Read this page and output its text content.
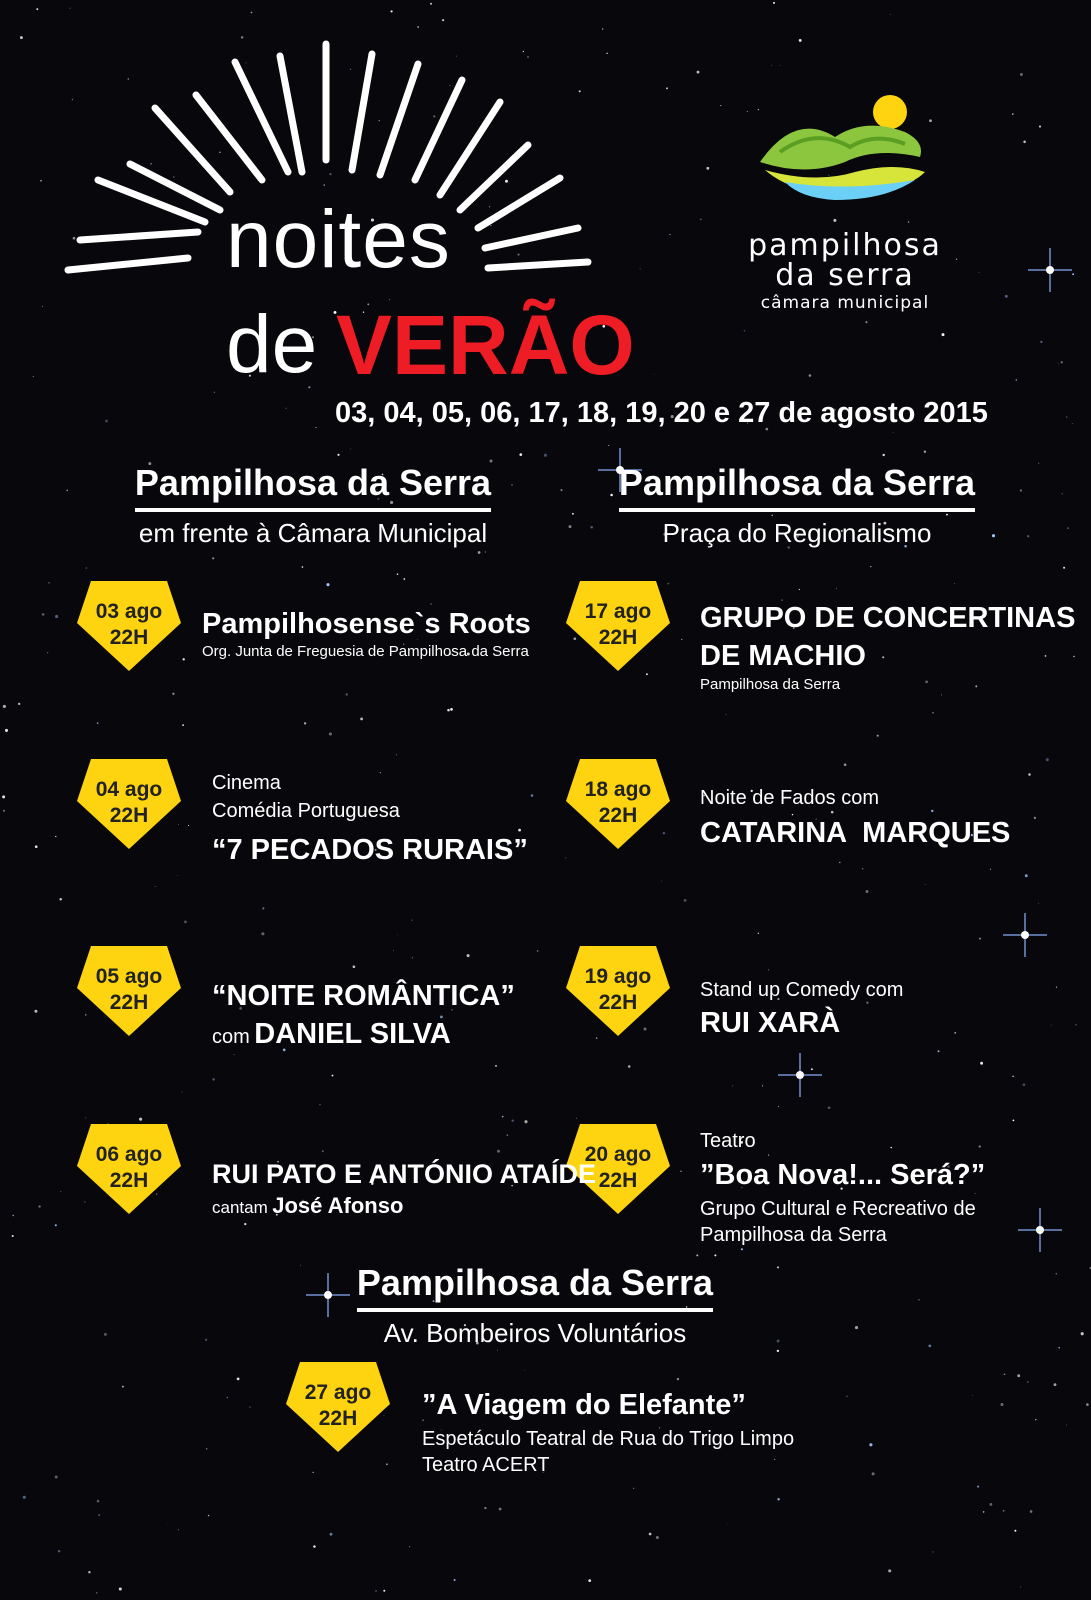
noites
de VERÃO
03, 04, 05, 06, 17, 18, 19, 20 e 27 de agosto 2015
pampilhosa
da serra
câmara municipal
Pampilhosa da Serra
em frente à Câmara Municipal
Pampilhosa da Serra
Praça do Regionalismo
Pampilhosa da Serra
Av. Bombeiros Voluntários
03 ago
22H
04 ago
22H
05 ago
22H
06 ago
22H
17 ago
22H
18 ago
22H
19 ago
22H
20 ago
22H
27 ago
22H
Pampilhosense`s Roots
Org. Junta de Freguesia de Pampilhosa da Serra
Cinema
Comédia Portuguesa
“7 PECADOS RURAIS”
“NOITE ROMÂNTICA”
com DANIEL SILVA
RUI PATO E ANTÓNIO ATAÍDE
cantam José Afonso
GRUPO DE CONCERTINAS
DE MACHIO
Pampilhosa da Serra
Noite de Fados com
CATARINA  MARQUES
Stand up Comedy com
RUI XARÀ
Teatro
”Boa Nova!... Será?”
Grupo Cultural e Recreativo de
Pampilhosa da Serra
”A Viagem do Elefante”
Espetáculo Teatral de Rua do Trigo Limpo
Teatro ACERT
